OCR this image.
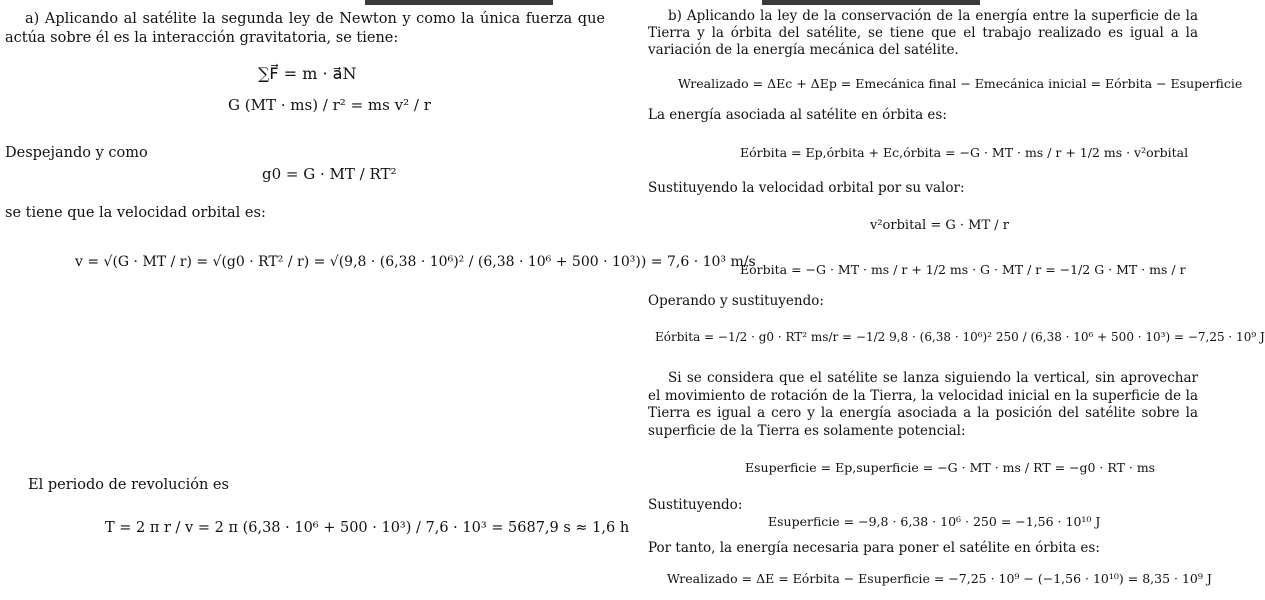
a) Aplicando al satélite la segunda ley de Newton y como la única fuerza que actúa sobre él es la interacción gravitatoria, se tiene:
∑F⃗ = m · a⃗N
G (MT · ms) / r² = ms v² / r
Despejando y como
g0 = G · MT / RT²
se tiene que la velocidad orbital es:
v = √(G · MT / r) = √(g0 · RT² / r) = √(9,8 · (6,38 · 10⁶)² / (6,38 · 10⁶ + 500 · 10³)) = 7,6 · 10³ m/s
El periodo de revolución es
T = 2 π r / v = 2 π (6,38 · 10⁶ + 500 · 10³) / 7,6 · 10³ = 5687,9 s ≈ 1,6 h
b) Aplicando la ley de la conservación de la energía entre la superficie de la Tierra y la órbita del satélite, se tiene que el trabajo realizado es igual a la variación de la energía mecánica del satélite.
Wrealizado = ΔEc + ΔEp = Emecánica final − Emecánica inicial = Eórbita − Esuperficie
La energía asociada al satélite en órbita es:
Eórbita = Ep,órbita + Ec,órbita = −G · MT · ms / r + 1/2 ms · v²orbital
Sustituyendo la velocidad orbital por su valor:
v²orbital = G · MT / r
Eórbita = −G · MT · ms / r + 1/2 ms · G · MT / r = −1/2 G · MT · ms / r
Operando y sustituyendo:
Eórbita = −1/2 · g0 · RT² ms/r = −1/2 9,8 · (6,38 · 10⁶)² 250 / (6,38 · 10⁶ + 500 · 10³) = −7,25 · 10⁹ J
Si se considera que el satélite se lanza siguiendo la vertical, sin aprovechar el movimiento de rotación de la Tierra, la velocidad inicial en la superficie de la Tierra es igual a cero y la energía asociada a la posición del satélite sobre la superficie de la Tierra es solamente potencial:
Esuperficie = Ep,superficie = −G · MT · ms / RT = −g0 · RT · ms
Sustituyendo:
Esuperficie = −9,8 · 6,38 · 10⁶ · 250 = −1,56 · 10¹⁰ J
Por tanto, la energía necesaria para poner el satélite en órbita es:
Wrealizado = ΔE = Eórbita − Esuperficie = −7,25 · 10⁹ − (−1,56 · 10¹⁰) = 8,35 · 10⁹ J
